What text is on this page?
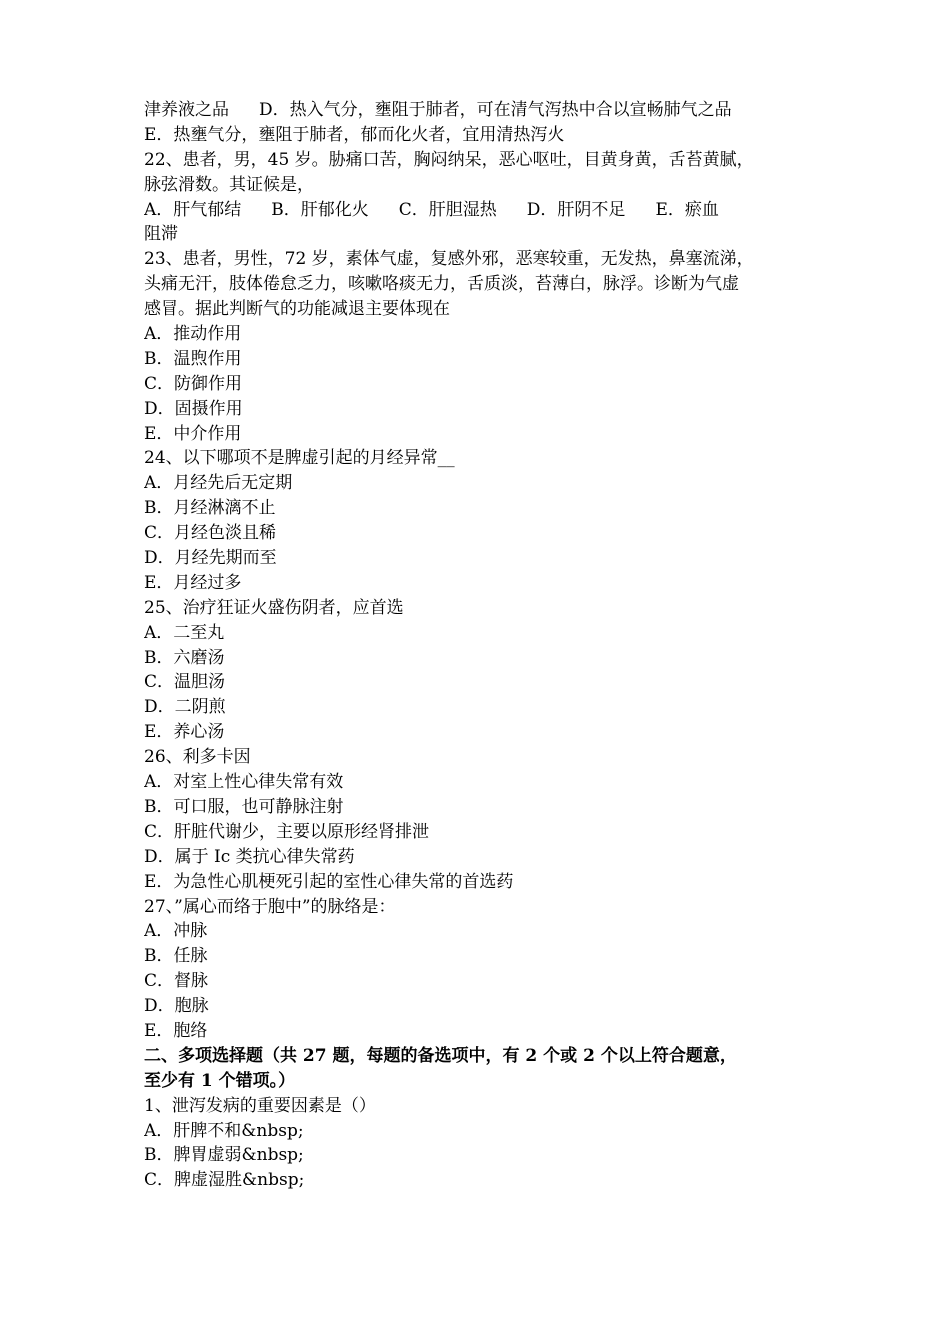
津养液之品 D．热入气分，壅阻于肺者，可在清气泻热中合以宣畅肺气之品
E．热壅气分，壅阻于肺者，郁而化火者，宜用清热泻火
22、患者，男，45 岁。胁痛口苦，胸闷纳呆，恶心呕吐，目黄身黄，舌苔黄腻，
脉弦滑数。其证候是，
A．肝气郁结 B．肝郁化火 C．肝胆湿热 D．肝阴不足 E．瘀血
阻滞
23、患者，男性，72 岁，素体气虚，复感外邪，恶寒较重，无发热，鼻塞流涕，
头痛无汗，肢体倦怠乏力，咳嗽咯痰无力，舌质淡，苔薄白，脉浮。诊断为气虚
感冒。据此判断气的功能减退主要体现在
A．推动作用
B．温煦作用
C．防御作用
D．固摄作用
E．中介作用
24、以下哪项不是脾虚引起的月经异常__
A．月经先后无定期
B．月经淋漓不止
C．月经色淡且稀
D．月经先期而至
E．月经过多
25、治疗狂证火盛伤阴者，应首选
A．二至丸
B．六磨汤
C．温胆汤
D．二阴煎
E．养心汤
26、利多卡因
A．对室上性心律失常有效
B．可口服，也可静脉注射
C．肝脏代谢少，主要以原形经肾排泄
D．属于 Ic 类抗心律失常药
E．为急性心肌梗死引起的室性心律失常的首选药
27、”属心而络于胞中”的脉络是：
A．冲脉
B．任脉
C．督脉
D．胞脉
E．胞络
二、多项选择题（共 27 题，每题的备选项中，有 2 个或 2 个以上符合题意，
至少有 1 个错项。）
1、泄泻发病的重要因素是（）
A．肝脾不和&nbsp;
B．脾胃虚弱&nbsp;
C．脾虚湿胜&nbsp;
